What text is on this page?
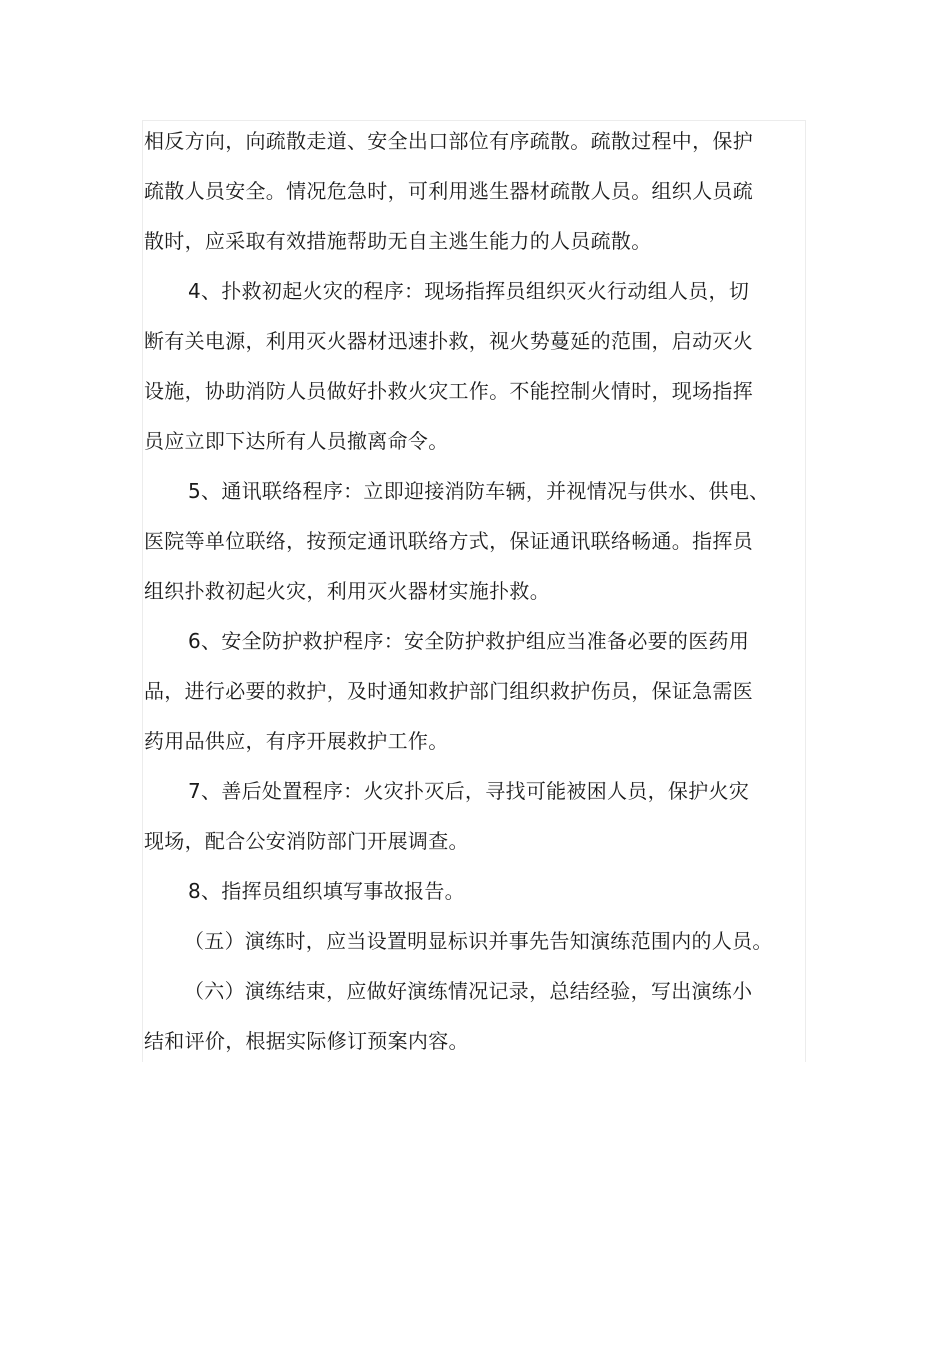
相反方向，向疏散走道、安全出口部位有序疏散。疏散过程中，保护
疏散人员安全。情况危急时，可利用逃生器材疏散人员。组织人员疏
散时，应采取有效措施帮助无自主逃生能力的人员疏散。
4、扑救初起火灾的程序：现场指挥员组织灭火行动组人员，切
断有关电源，利用灭火器材迅速扑救，视火势蔓延的范围，启动灭火
设施，协助消防人员做好扑救火灾工作。不能控制火情时，现场指挥
员应立即下达所有人员撤离命令。
5、通讯联络程序：立即迎接消防车辆，并视情况与供水、供电、
医院等单位联络，按预定通讯联络方式，保证通讯联络畅通。指挥员
组织扑救初起火灾，利用灭火器材实施扑救。
6、安全防护救护程序：安全防护救护组应当准备必要的医药用
品，进行必要的救护，及时通知救护部门组织救护伤员，保证急需医
药用品供应，有序开展救护工作。
7、善后处置程序：火灾扑灭后，寻找可能被困人员，保护火灾
现场，配合公安消防部门开展调查。
8、指挥员组织填写事故报告。
（五）演练时，应当设置明显标识并事先告知演练范围内的人员。
（六）演练结束，应做好演练情况记录，总结经验，写出演练小
结和评价，根据实际修订预案内容。
